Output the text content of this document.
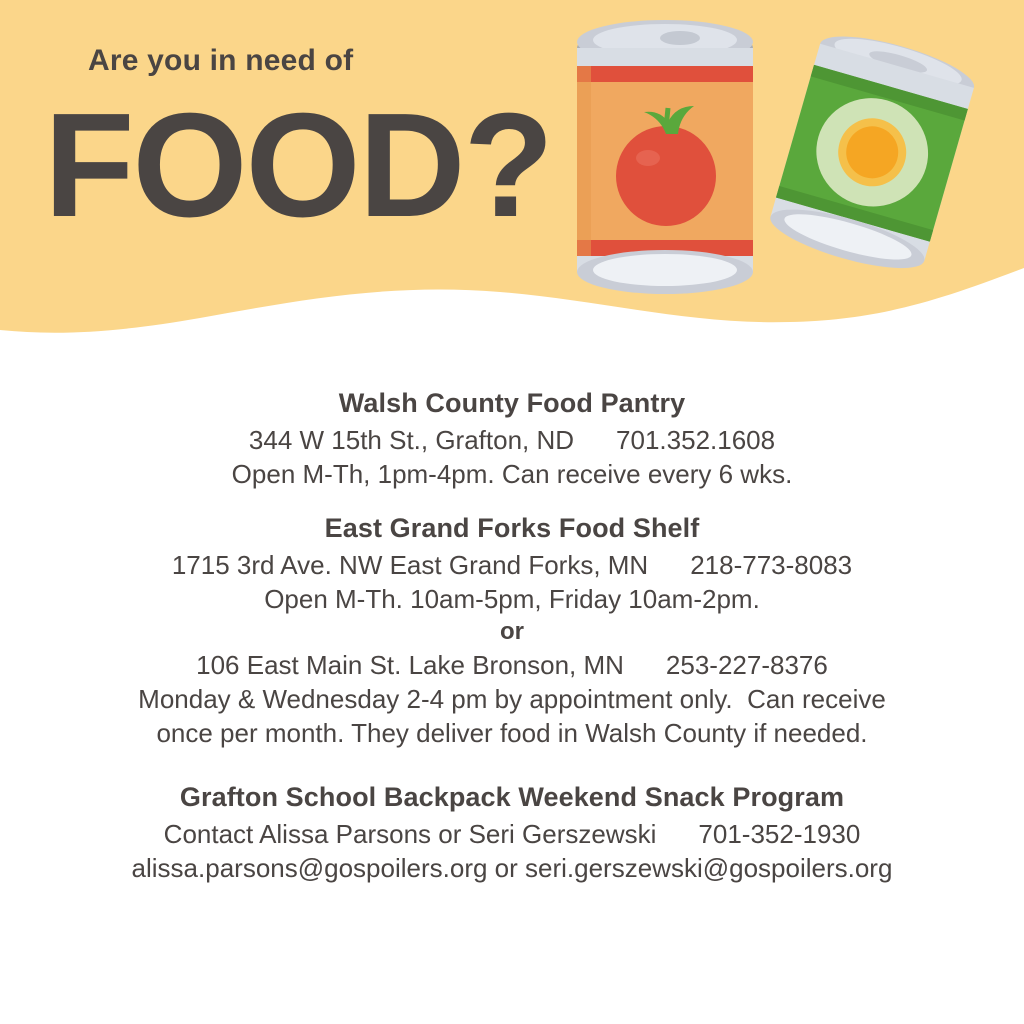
Are you in need of
FOOD?
Walsh County Food Pantry
344 W 15th St., Grafton, ND 701.352.1608
Open M-Th, 1pm-4pm. Can receive every 6 wks.
East Grand Forks Food Shelf
1715 3rd Ave. NW East Grand Forks, MN 218-773-8083
Open M-Th. 10am-5pm, Friday 10am-2pm.
or
106 East Main St. Lake Bronson, MN 253-227-8376
Monday & Wednesday 2-4 pm by appointment only.  Can receive
once per month. They deliver food in Walsh County if needed.
Grafton School Backpack Weekend Snack Program
Contact Alissa Parsons or Seri Gerszewski 701-352-1930
alissa.parsons@gospoilers.org or seri.gerszewski@gospoilers.org
